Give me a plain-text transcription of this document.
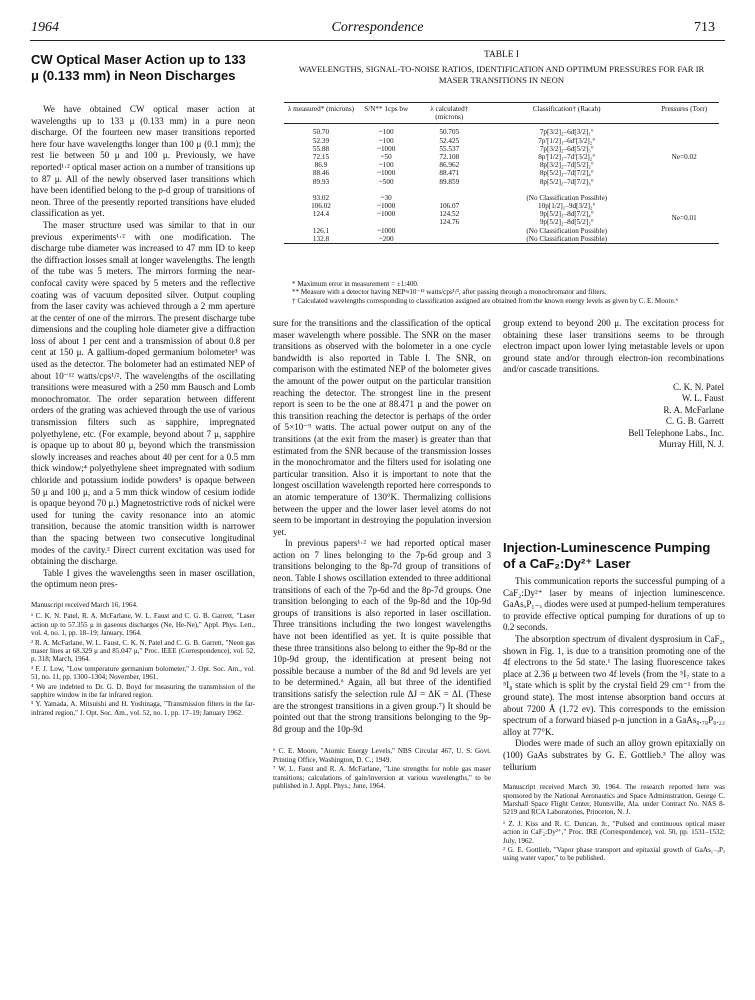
1964	Correspondence	713
CW Optical Maser Action up to 133 μ (0.133 mm) in Neon Discharges

We have obtained CW optical maser action at wavelengths up to 133 μ (0.133 mm) in a pure neon discharge. Of the fourteen new maser transitions reported here four have wavelengths longer than 100 μ (0.1 mm); the rest lie between 50 μ and 100 μ. Previously, we have reported¹·² optical maser action on a number of transitions up to 87 μ. All of the newly observed laser transitions which have been identified belong to the p-d group of transitions of neon. Three of the presently reported transitions have eluded classification as yet.

The maser structure used was similar to that in our previous experiments¹·² with one modification. The discharge tube diameter was increased to 47 mm ID to keep the diffraction losses small at longer wavelengths. The length of the tube was 5 meters. The mirrors forming the near-confocal cavity were spaced by 5 meters and the reflective coating was of vacuum deposited silver. Output coupling from the laser cavity was achieved through a 2 mm aperture at the center of one of the mirrors. The present discharge tube dimensions and the coupling hole diameter give a diffraction loss of about 1 per cent and a transmission of about 0.8 per cent at 150 μ. A gallium-doped germanium bolometer³ was used as the detector. The bolometer had an estimated NEP of about 10⁻¹² watts/cps¹/². The wavelengths of the oscillating transitions were measured with a 250 mm Bausch and Lomb monochromator. The order separation between different orders of the grating was achieved through the use of various transmission filters such as sapphire, impregnated polyethylene, etc. (For example, beyond about 7 μ, sapphire is opaque up to about 80 μ, beyond which the transmission slowly increases and reaches about 40 per cent for a 0.5 mm thick window;⁴ polyethylene sheet impregnated with sodium chloride and potassium iodide powders⁵ is opaque between 50 μ and 100 μ, and a 5 mm thick window of cesium iodide is opaque beyond 70 μ.) Magnetostrictive rods of nickel were used for tuning the cavity resonance into an atomic transition, because the atomic transition width is narrower than the spacing between two consecutive longitudinal modes of the cavity.² Direct current excitation was used for obtaining the discharge.

Table I gives the wavelengths seen in maser oscillation, the optimum neon pres-

Manuscript received March 16, 1964.
¹ C. K. N. Patel, R. A. McFarlane, W. L. Faust and C. G. B. Garrett, "Laser action up to 57.355 μ in gaseous discharges (Ne, He-Ne)," Appl. Phys. Lett., vol. 4, no. 1, pp. 18–19; January, 1964.
² R. A. McFarlane, W. L. Faust, C. K. N. Patel and C. G. B. Garrett, "Neon gas maser lines at 68.329 μ and 85.047 μ," Proc. IEEE (Correspondence), vol. 52, p. 318; March, 1964.
³ F. J. Low, "Low temperature germanium bolometer," J. Opt. Soc. Am., vol. 51, no. 11, pp. 1300–1304; November, 1961.
⁴ We are indebted to Dr. G. D. Boyd for measuring the transmission of the sapphire window in the far infrared region.
⁵ Y. Yamada, A. Mitsuishi and H. Yoshinaga, "Transmission filters in the far-infrared region," J. Opt. Soc. Am., vol. 52, no. 1, pp. 17–19; January 1962.
TABLE I
WAVELENGTHS, SIGNAL-TO-NOISE RATIOS, IDENTIFICATION AND OPTIMUM PRESSURES FOR FAR IR MASER TRANSITIONS IN NEON
λ measured* (microns)	S/N** 1cps bw	λ calculated† (microns)	Classification† (Racah)	Pressures (Torr)
50.70	~100	50.705	7p[3/2]₂–6d[3/2]₁°	Ne=0.02
52.39	~100	52.425	7p′[1/2]₁–6d′[3/2]₂°	
55.88	~1000	55.537	7p[3/2]₂–6d[5/2]₃°	
72.15	~50	72.108	8p′[1/2]₁–7d′[3/2]₂°	
86.9	~100	86.962	8p[3/2]₂–7d[5/2]₂°	
88.46	~1000	88.471	8p[5/2]₃–7d[7/2]₄°	
89.93	~500	89.859	8p[5/2]₂–7d[7/2]₃°	

93.02	~30		(No Classification Possible)	Ne=0.01
106.02	~1000	106.07	10p[1/2]₁–9d[3/2]₂°	
124.4	~1000	124.52	9p[5/2]₃–8d[7/2]₄°	
		124.76	9p[5/2]₂–8d[5/2]₃°	
126.1	~1000		(No Classification Possible)	
132.8	~200		(No Classification Possible)	
* Maximum error in measurement = ±1:400.
** Measure with a detector having NEP≈10⁻¹² watts/cps¹/², after passing through a monochromator and filters.
† Calculated wavelengths corresponding to classification assigned are obtained from the known energy levels as given by C. E. Moore.⁶

sure for the transitions and the classification of the optical maser wavelength where possible. The SNR on the maser transitions as observed with the bolometer in a one cycle bandwidth is also reported in Table I. The SNR, on comparison with the estimated NEP of the bolometer gives the amount of the power output on the particular transition reaching the detector. The strongest line in the present report is seen to be the one at 88.471 μ and the power on this transition reaching the detector is perhaps of the order of 5×10⁻⁹ watts. The actual power output on any of the transitions (at the exit from the maser) is greater than that estimated from the SNR because of the transmission losses in the monochromator and the filters used for isolating one particular transition. Also it is important to note that the longest oscillation wavelength reported here corresponds to an atomic temperature of 130°K. Thermalizing collisions between the upper and the lower laser level atoms do not seem to be important in destroying the population inversion yet.

In previous papers¹·² we had reported optical maser action on 7 lines belonging to the 7p-6d group and 3 transitions belonging to the 8p-7d group of transitions of neon. Table I shows oscillation extended to three additional transitions of each of the 7p-6d and the 8p-7d groups. One transition belonging to each of the 9p-8d and the 10p-9d groups of transitions is also reported in laser oscillation. Three transitions including the two longest wavelengths have not been identified as yet. It is quite possible that these three transitions also belong to either the 9p-8d or the 10p-9d group, the identification at present being not possible because a number of the 8d and 9d levels are yet to be determined.⁶ Again, all but three of the identified transitions satisfy the selection rule ΔJ = ΔK = ΔI. (These are the strongest transitions in a given group.⁷) It should be pointed out that the strong transitions belonging to the 9p-8d group and the 10p-9d

⁶ C. E. Moore, "Atomic Energy Levels," NBS Circular 467, U. S. Govt. Printing Office, Washington, D. C.; 1949.
⁷ W. L. Faust and R. A. McFarlane, "Line strengths for noble gas maser transitions; calculations of gain/inversion at various wavelengths," to be published in J. Appl. Phys.; June, 1964.

group extend to beyond 200 μ. The excitation process for obtaining these laser transitions seems to be through electron impact upon lower lying metastable levels or upon ground state and/or through electron-ion recombinations and/or cascade transitions.

C. K. N. Patel
W. L. Faust
R. A. McFarlane
C. G. B. Garrett
Bell Telephone Labs., Inc.
Murray Hill, N. J.
Injection-Luminescence Pumping of a CaF₂:Dy²⁺ Laser

This communication reports the successful pumping of a CaF₂:Dy²⁺ laser by means of injection luminescence. GaAsₓP₁₋ₓ diodes were used at pumped-helium temperatures to provide effective optical pumping for durations of up to 0.2 seconds.

The absorption spectrum of divalent dysprosium in CaF₂, shown in Fig. 1, is due to a transition promoting one of the 4f electrons to the 5d state.¹ The lasing fluorescence takes place at 2.36 μ between two 4f levels (from the ⁵I₇ state to a ⁵I₈ state which is split by the crystal field 29 cm⁻¹ from the ground state). The most intense absorption band occurs at about 7200 Å (1.72 ev). This corresponds to the emission spectrum of a forward biased p-n junction in a GaAs₀.₇₈P₀.₂₂ alloy at 77°K.

Diodes were made of such an alloy grown epitaxially on (100) GaAs substrates by G. E. Gottlieb.³ The alloy was tellurium

Manuscript received March 30, 1964. The research reported here was sponsored by the National Aeronautics and Space Administration, George C. Marshall Space Flight Center, Huntsville, Ala. under Contract No. NAS 8-5219 and RCA Laboratories, Princeton, N. J.
¹ Z. J. Kiss and R. C. Duncan, Jr., "Pulsed and continuous optical maser action in CaF₂:Dy²⁺," Proc. IRE (Correspondence), vol. 50, pp. 1531–1532; July, 1962.
² G. E. Gottlieb, "Vapor phase transport and epitaxial growth of GaAs₁₋ₓPₓ using water vapor," to be published.
